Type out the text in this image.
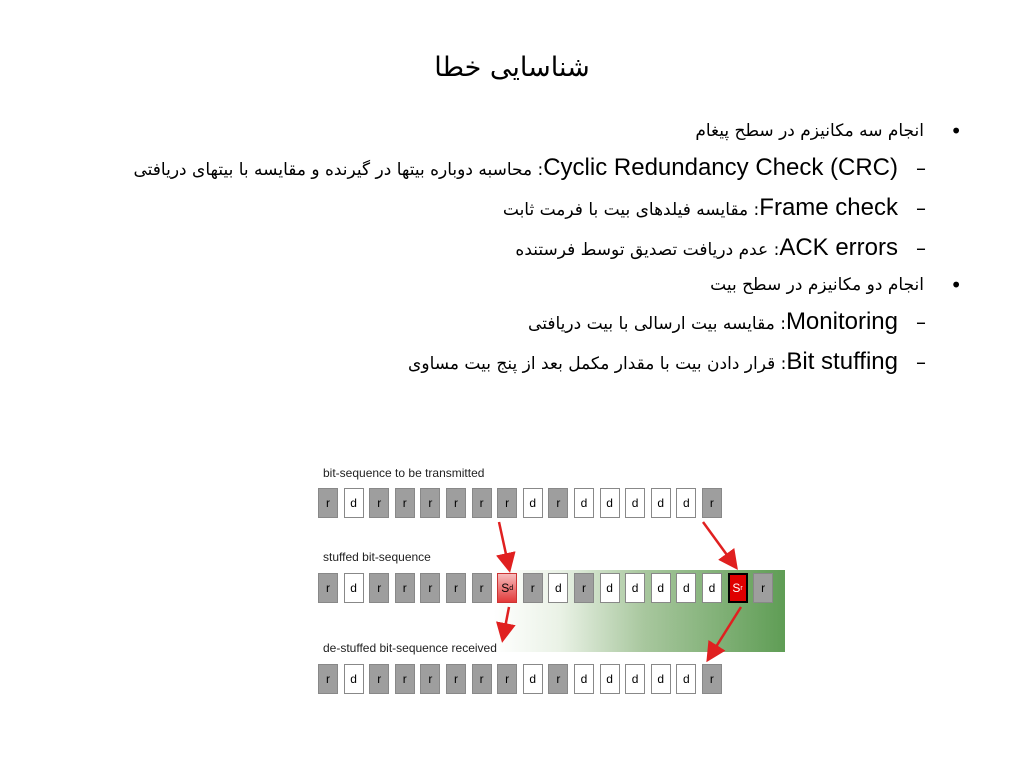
شناسایی خطا
•
انجام سه مکانیزم در سطح پیغام
–
Cyclic Redundancy Check (CRC): محاسبه دوباره بیتها در گیرنده و مقایسه با بیتهای دریافتی
–
Frame check: مقایسه فیلدهای بیت با فرمت ثابت
–
ACK errors: عدم دریافت تصدیق توسط فرستنده
•
انجام دو مکانیزم در سطح بیت
–
Monitoring: مقایسه بیت ارسالی با بیت دریافتی
–
Bit stuffing: قرار دادن بیت با مقدار مکمل بعد از پنج بیت مساوی
bit-sequence to be transmitted
r	d	r	r	r	r	r	r	d	r	d	d	d	d	d	r
stuffed bit-sequence
r	d	r	r	r	r	r	S d	r	d	r	d	d	d	d	d	S r	r
de-stuffed bit-sequence received
r	d	r	r	r	r	r	r	d	r	d	d	d	d	d	r
